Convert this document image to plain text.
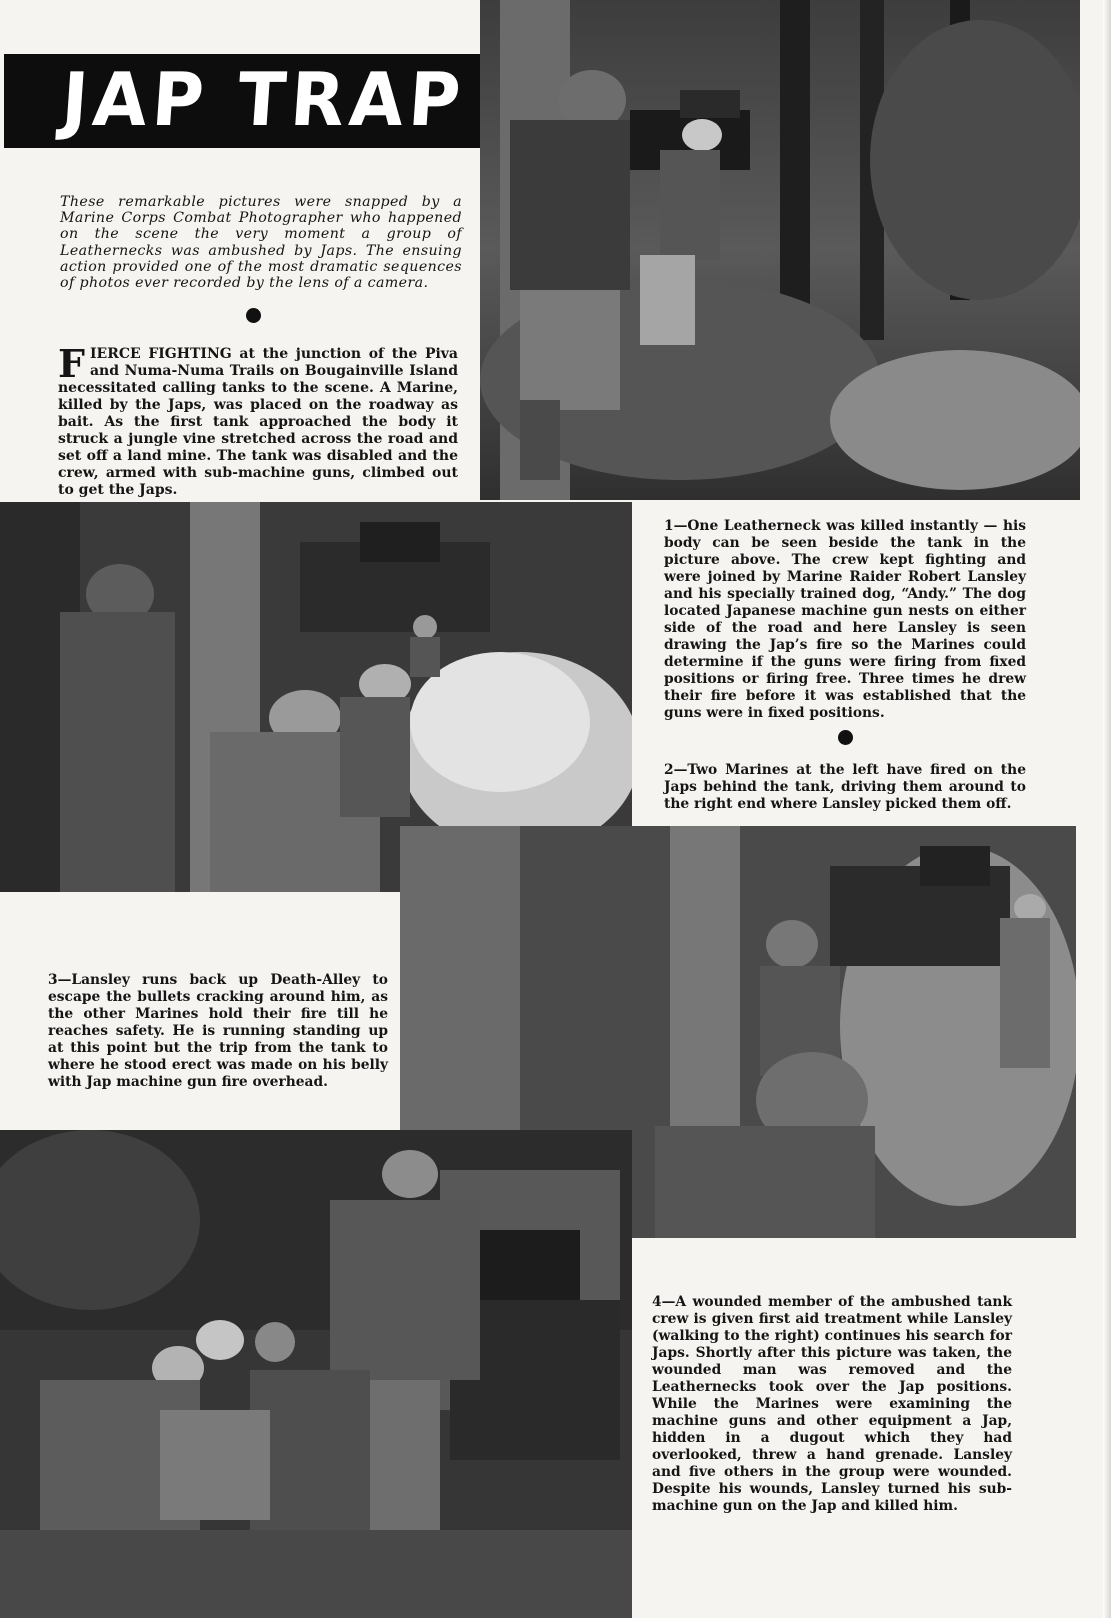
JAP TRAP
These remarkable pictures were snapped by a Marine Corps Combat Photographer who happened on the scene the very moment a group of Leathernecks was ambushed by Japs. The ensuing action provided one of the most dramatic sequences of photos ever recorded by the lens of a camera.
FIERCE FIGHTING at the junction of the Piva and Numa-Numa Trails on Bougainville Island necessitated calling tanks to the scene. A Marine, killed by the Japs, was placed on the roadway as bait. As the first tank approached the body it struck a jungle vine stretched across the road and set off a land mine. The tank was disabled and the crew, armed with sub-machine guns, climbed out to get the Japs.
1—One Leatherneck was killed instantly — his body can be seen beside the tank in the picture above. The crew kept fighting and were joined by Marine Raider Robert Lansley and his specially trained dog, “Andy.” The dog located Japanese machine gun nests on either side of the road and here Lansley is seen drawing the Jap’s fire so the Marines could determine if the guns were firing from fixed positions or firing free. Three times he drew their fire before it was established that the guns were in fixed positions.
2—Two Marines at the left have fired on the Japs behind the tank, driving them around to the right end where Lansley picked them off.
3—Lansley runs back up Death-Alley to escape the bullets cracking around him, as the other Marines hold their fire till he reaches safety. He is running standing up at this point but the trip from the tank to where he stood erect was made on his belly with Jap machine gun fire overhead.
4—A wounded member of the ambushed tank crew is given first aid treatment while Lansley (walking to the right) continues his search for Japs. Shortly after this picture was taken, the wounded man was removed and the Leathernecks took over the Jap positions. While the Marines were examining the machine guns and other equipment a Jap, hidden in a dugout which they had overlooked, threw a hand grenade. Lansley and five others in the group were wounded. Despite his wounds, Lansley turned his sub-machine gun on the Jap and killed him.
